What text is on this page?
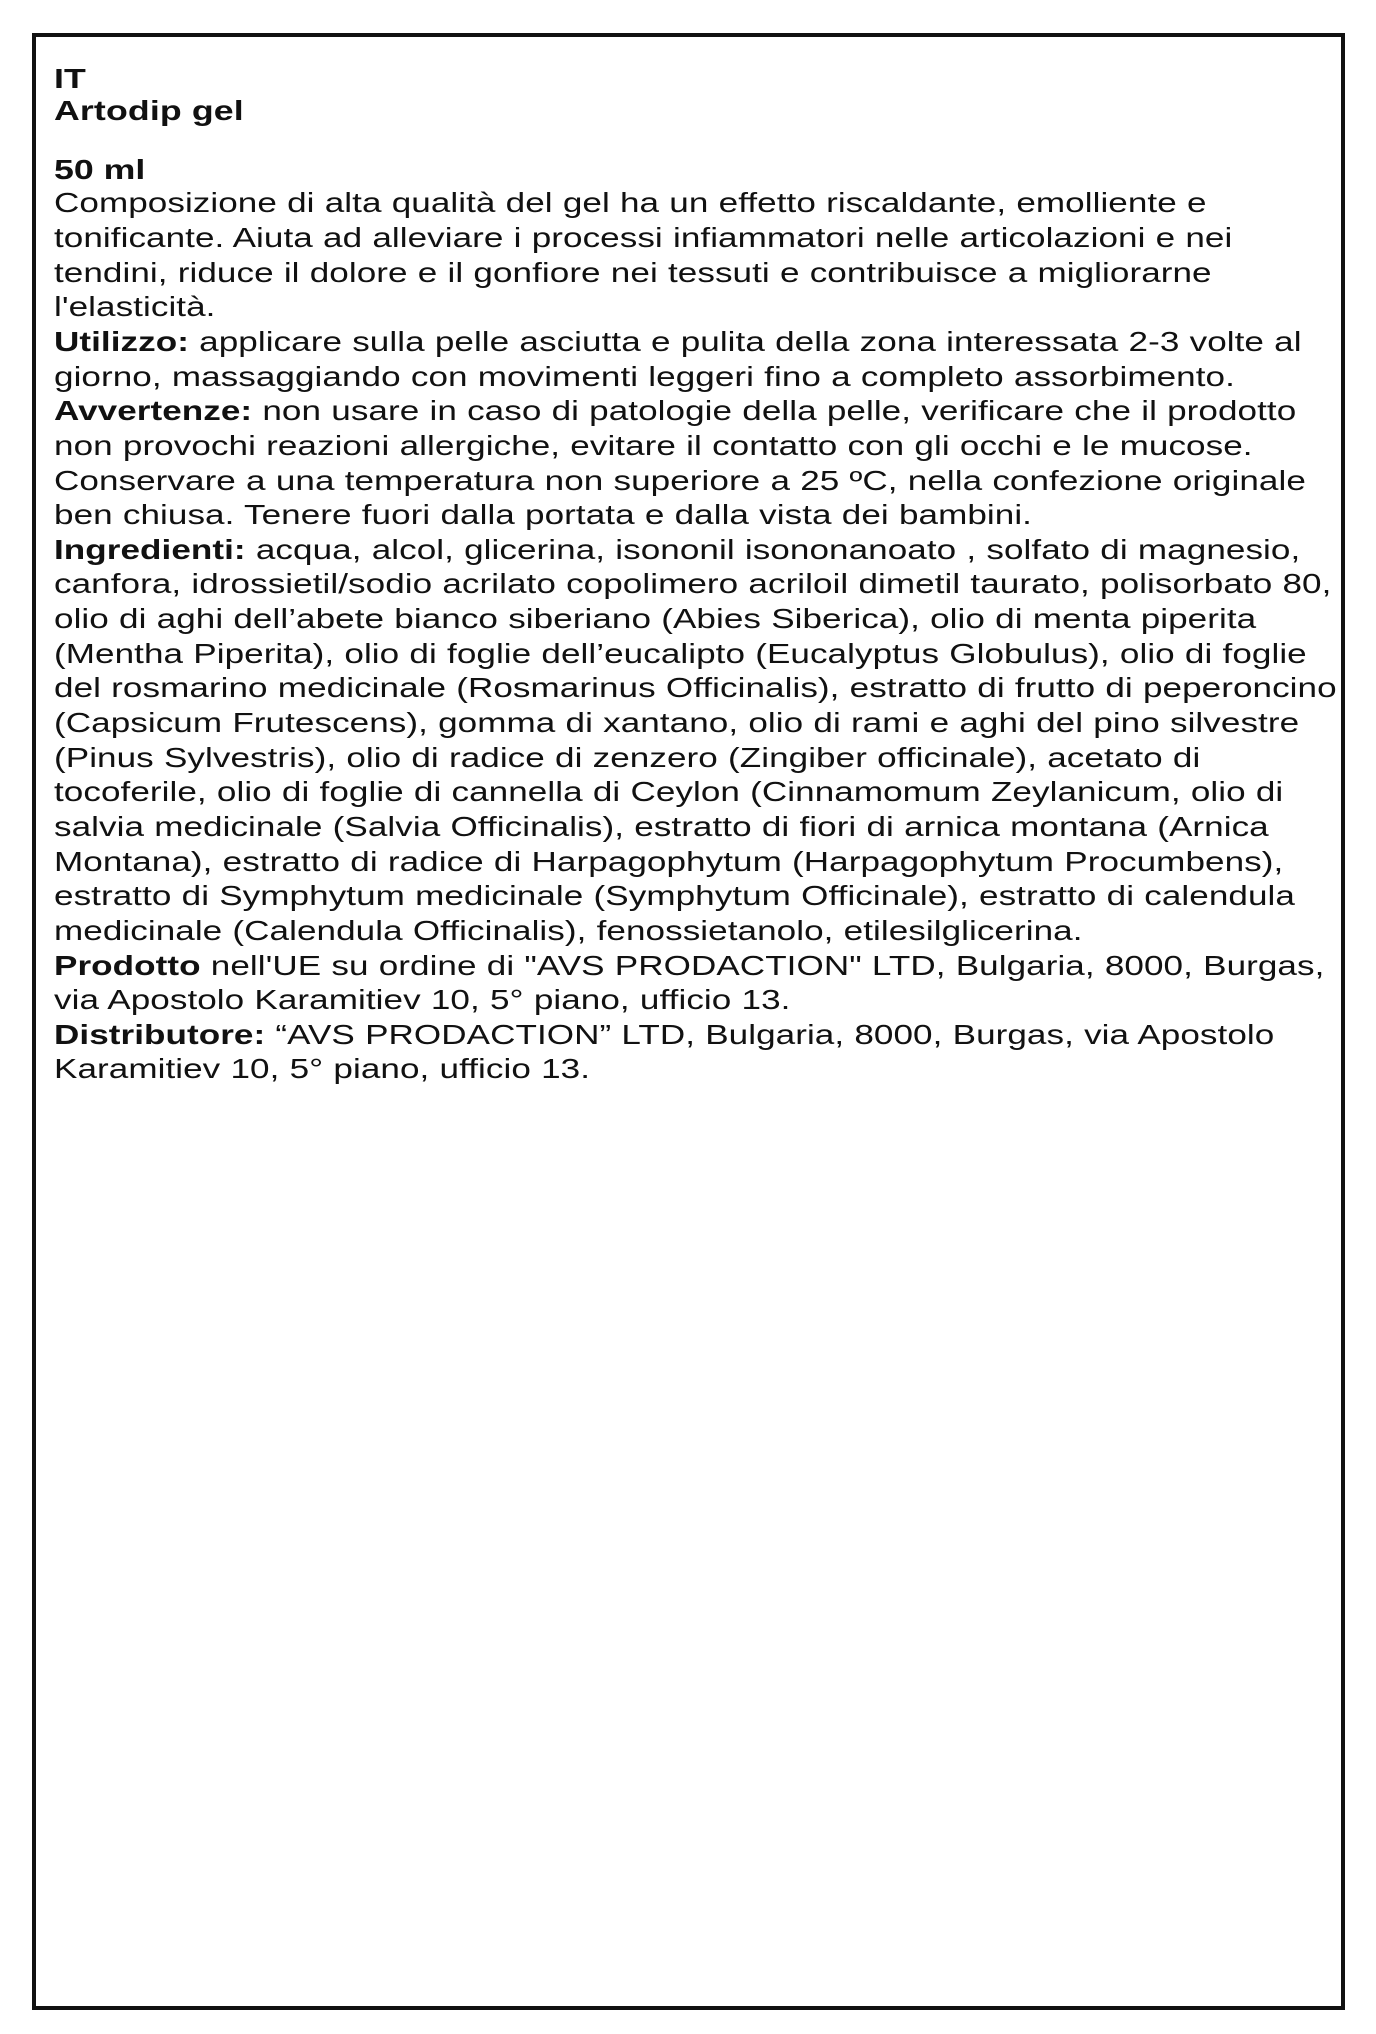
IT
Artodip gel
50 ml

Composizione di alta qualità del gel ha un effetto riscaldante, emolliente e tonificante. Aiuta ad alleviare i processi infiammatori nelle articolazioni e nei tendini, riduce il dolore e il gonfiore nei tessuti e contribuisce a migliorarne l'elasticità.

Utilizzo: applicare sulla pelle asciutta e pulita della zona interessata 2-3 volte al giorno, massaggiando con movimenti leggeri fino a completo assorbimento.

Avvertenze: non usare in caso di patologie della pelle, verificare che il prodotto non provochi reazioni allergiche, evitare il contatto con gli occhi e le mucose.

Conservare a una temperatura non superiore a 25 ºC, nella confezione originale ben chiusa. Tenere fuori dalla portata e dalla vista dei bambini.

Ingredienti: acqua, alcol, glicerina, isononil isononanoato , solfato di magnesio, canfora, idrossietil/sodio acrilato copolimero acriloil dimetil taurato, polisorbato 80, olio di aghi dell’abete bianco siberiano (Abies Siberica), olio di menta piperita (Mentha Piperita), olio di foglie dell’eucalipto (Eucalyptus Globulus), olio di foglie del rosmarino medicinale (Rosmarinus Officinalis), estratto di frutto di peperoncino (Capsicum Frutescens), gomma di xantano, olio di rami e aghi del pino silvestre (Pinus Sylvestris), olio di radice di zenzero (Zingiber officinale), acetato di tocoferile, olio di foglie di cannella di Ceylon (Cinnamomum Zeylanicum, olio di salvia medicinale (Salvia Officinalis), estratto di fiori di arnica montana (Arnica Montana), estratto di radice di Harpagophytum (Harpagophytum Procumbens), estratto di Symphytum medicinale (Symphytum Officinale), estratto di calendula medicinale (Calendula Officinalis), fenossietanolo, etilesilglicerina.

Prodotto nell'UE su ordine di "AVS PRODACTION" LTD, Bulgaria, 8000, Burgas, via Apostolo Karamitiev 10, 5° piano, ufficio 13.

Distributore: “AVS PRODACTION” LTD, Bulgaria, 8000, Burgas, via Apostolo Karamitiev 10, 5° piano, ufficio 13.
